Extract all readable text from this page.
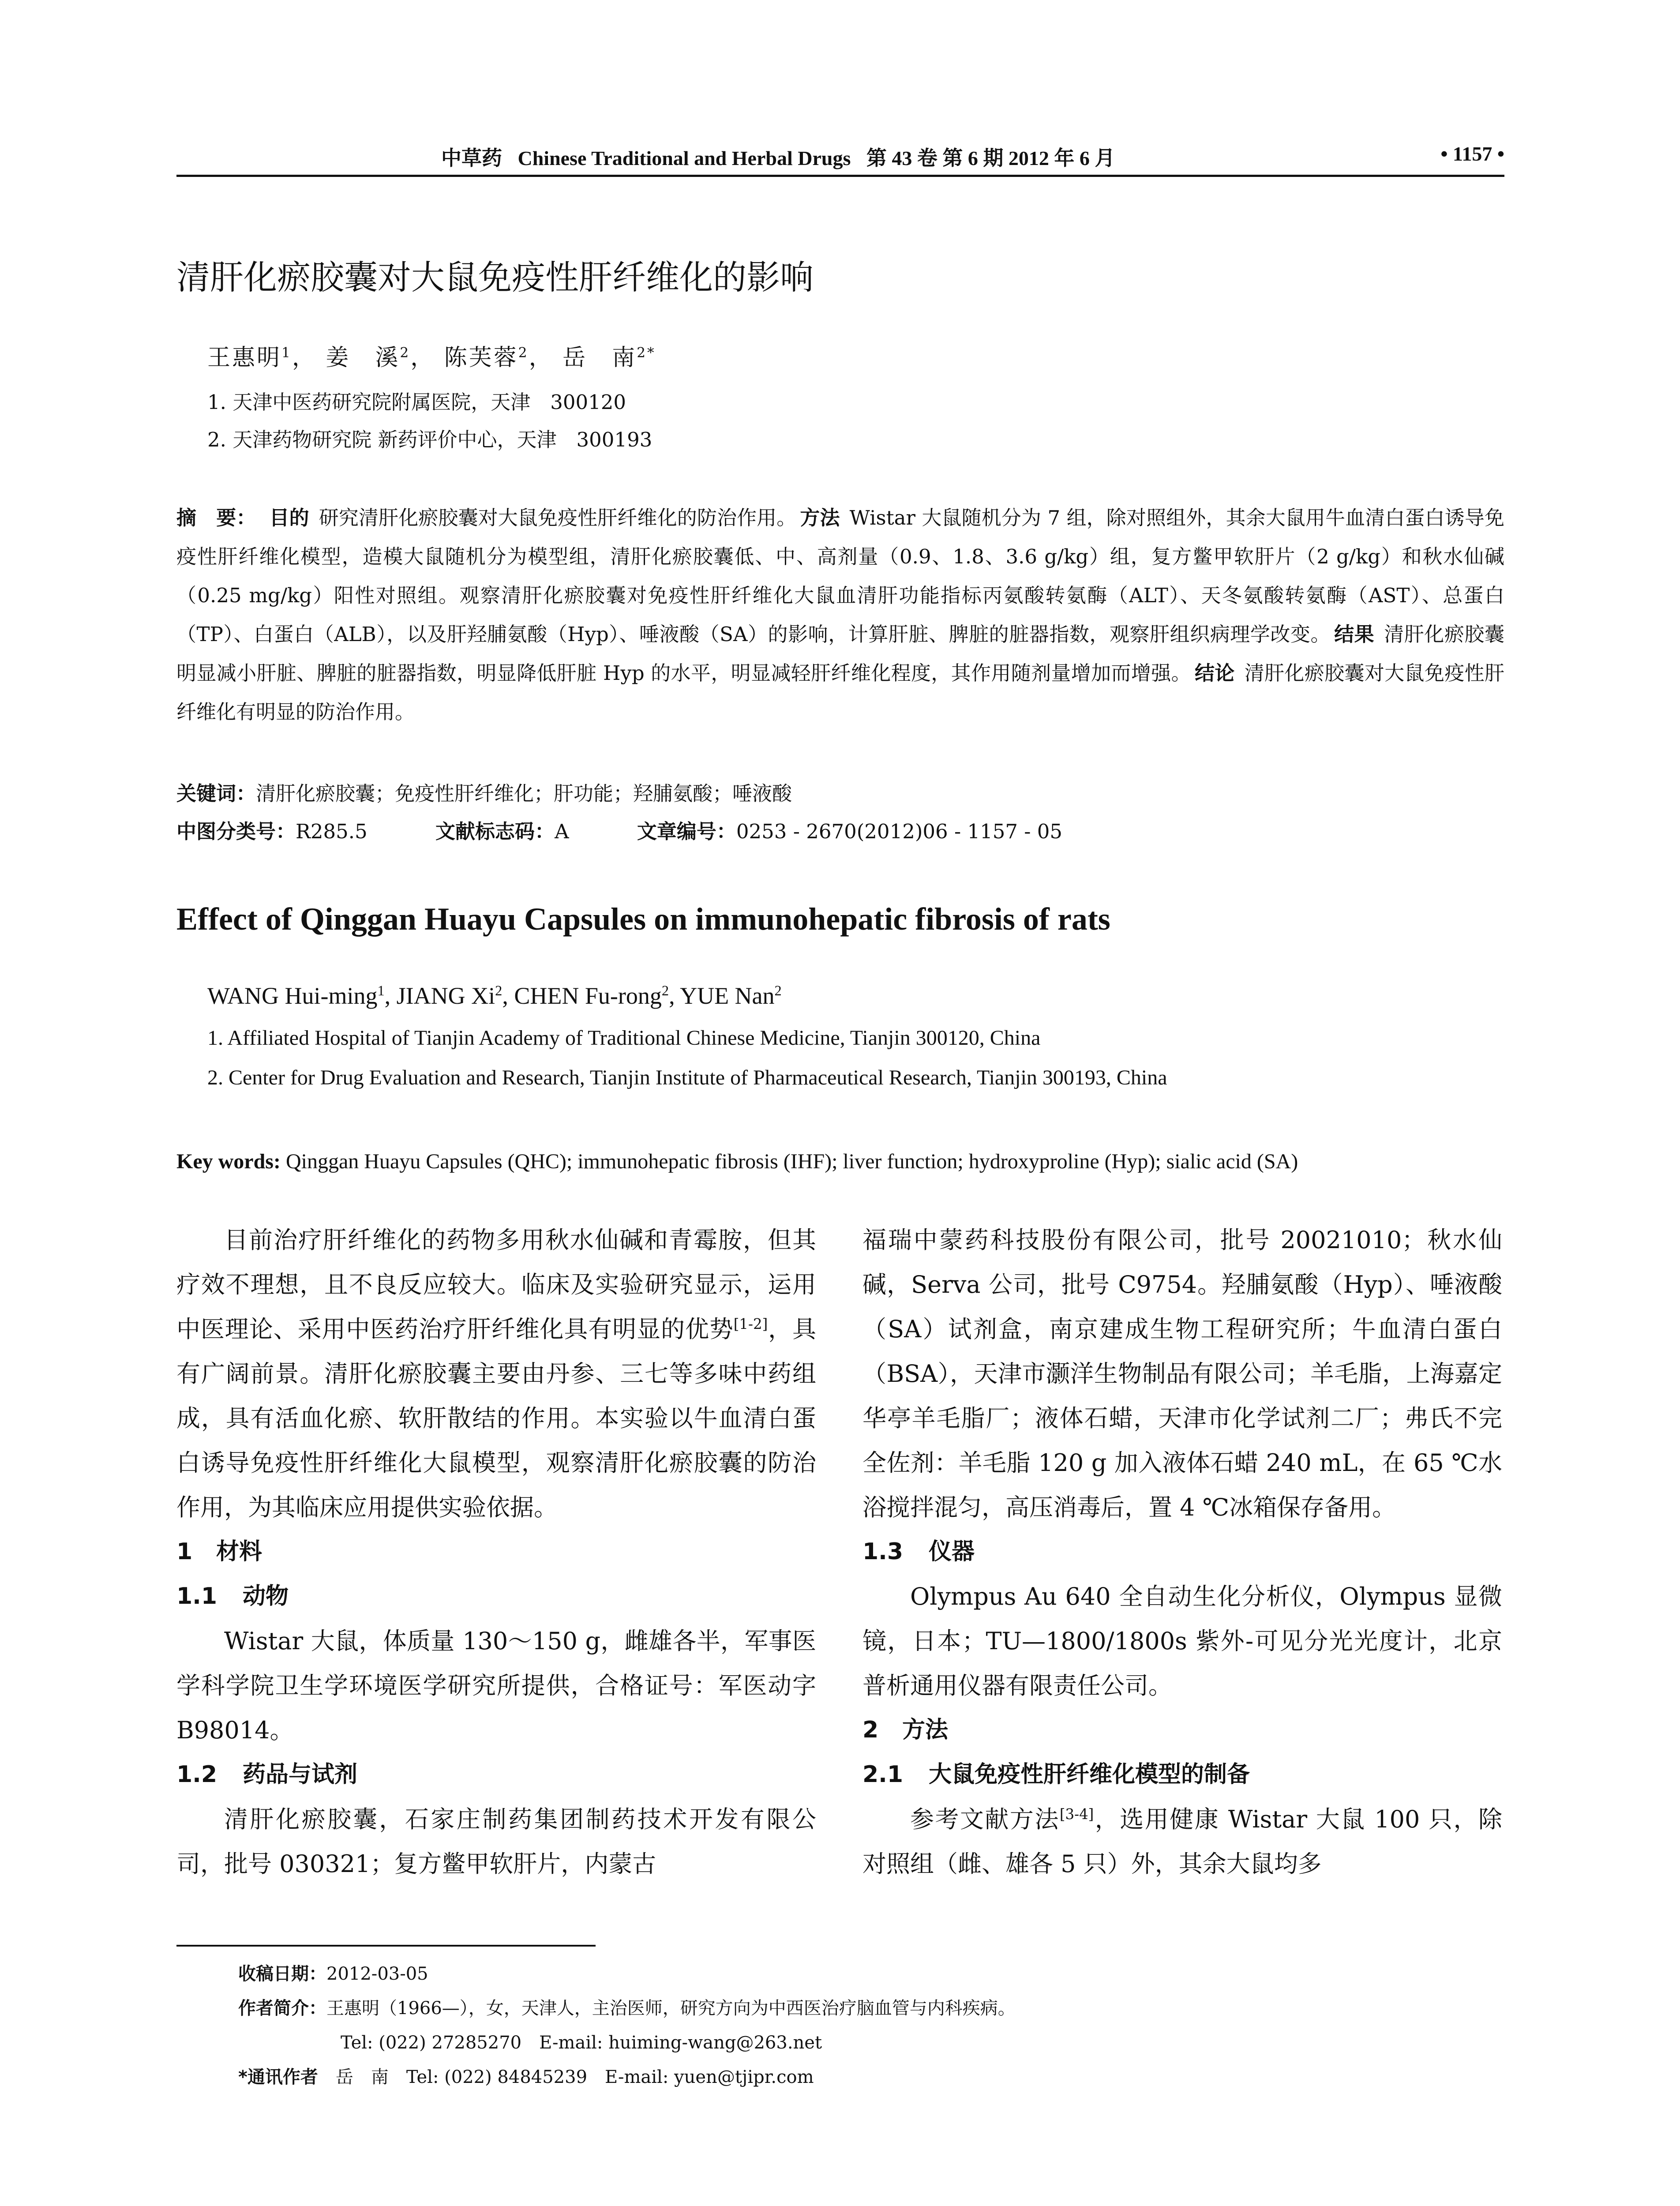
中草药 Chinese Traditional and Herbal Drugs 第 43 卷 第 6 期 2012 年 6 月	• 1157 •
清肝化瘀胶囊对大鼠免疫性肝纤维化的影响
王惠明$^1$， 姜　溪$^2$， 陈芙蓉$^2$， 岳　南$^{2*}$
1. 天津中医药研究院附属医院，天津　300120
2. 天津药物研究院 新药评价中心，天津　300193
摘　要： 目的 研究清肝化瘀胶囊对大鼠免疫性肝纤维化的防治作用。 方法 Wistar 大鼠随机分为 7 组，除对照组外，其余大鼠用牛血清白蛋白诱导免疫性肝纤维化模型，造模大鼠随机分为模型组，清肝化瘀胶囊低、中、高剂量（0.9、1.8、3.6 g/kg）组，复方鳖甲软肝片（2 g/kg）和秋水仙碱（0.25 mg/kg）阳性对照组。观察清肝化瘀胶囊对免疫性肝纤维化大鼠血清肝功能指标丙氨酸转氨酶（ALT）、天冬氨酸转氨酶（AST）、总蛋白（TP）、白蛋白（ALB），以及肝羟脯氨酸（Hyp）、唾液酸（SA）的影响，计算肝脏、脾脏的脏器指数，观察肝组织病理学改变。 结果 清肝化瘀胶囊明显减小肝脏、脾脏的脏器指数，明显降低肝脏 Hyp 的水平，明显减轻肝纤维化程度，其作用随剂量增加而增强。 结论 清肝化瘀胶囊对大鼠免疫性肝纤维化有明显的防治作用。
关键词：清肝化瘀胶囊；免疫性肝纤维化；肝功能；羟脯氨酸；唾液酸
中图分类号：R285.5	文献标志码：A	文章编号：0253 - 2670(2012)06 - 1157 - 05
Effect of Qinggan Huayu Capsules on immunohepatic fibrosis of rats
WANG Hui-ming$^1$, JIANG Xi$^2$, CHEN Fu-rong$^2$, YUE Nan$^2$
1. Affiliated Hospital of Tianjin Academy of Traditional Chinese Medicine, Tianjin 300120, China
2. Center for Drug Evaluation and Research, Tianjin Institute of Pharmaceutical Research, Tianjin 300193, China
Key words: Qinggan Huayu Capsules (QHC); immunohepatic fibrosis (IHF); liver function; hydroxyproline (Hyp); sialic acid (SA)

目前治疗肝纤维化的药物多用秋水仙碱和青霉胺，但其疗效不理想，且不良反应较大。临床及实验研究显示，运用中医理论、采用中医药治疗肝纤维化具有明显的优势[1-2]，具有广阔前景。清肝化瘀胶囊主要由丹参、三七等多味中药组成，具有活血化瘀、软肝散结的作用。本实验以牛血清白蛋白诱导免疫性肝纤维化大鼠模型，观察清肝化瘀胶囊的防治作用，为其临床应用提供实验依据。

1 材料

1.1 动物

Wistar 大鼠，体质量 130～150 g，雌雄各半，军事医学科学院卫生学环境医学研究所提供，合格证号：军医动字 B98014。

1.2 药品与试剂

清肝化瘀胶囊，石家庄制药集团制药技术开发有限公司，批号 030321；复方鳖甲软肝片，内蒙古

福瑞中蒙药科技股份有限公司，批号 20021010；秋水仙碱，Serva 公司，批号 C9754。羟脯氨酸（Hyp）、唾液酸（SA）试剂盒，南京建成生物工程研究所；牛血清白蛋白（BSA），天津市灏洋生物制品有限公司；羊毛脂，上海嘉定华亭羊毛脂厂；液体石蜡，天津市化学试剂二厂；弗氏不完全佐剂：羊毛脂 120 g 加入液体石蜡 240 mL，在 65 ℃水浴搅拌混匀，高压消毒后，置 4 ℃冰箱保存备用。

1.3 仪器

Olympus Au 640 全自动生化分析仪，Olympus 显微镜，日本；TU—1800/1800s 紫外-可见分光光度计，北京普析通用仪器有限责任公司。

2 方法

2.1 大鼠免疫性肝纤维化模型的制备

参考文献方法[3-4]，选用健康 Wistar 大鼠 100 只，除对照组（雌、雄各 5 只）外，其余大鼠均多

收稿日期：2012-03-05
作者简介：王惠明（1966—），女，天津人，主治医师，研究方向为中西医治疗脑血管与内科疾病。
Tel: (022) 27285270　E-mail: huiming-wang@263.net
*通讯作者　 岳　南　Tel: (022) 84845239　E-mail: yuen@tjipr.com
